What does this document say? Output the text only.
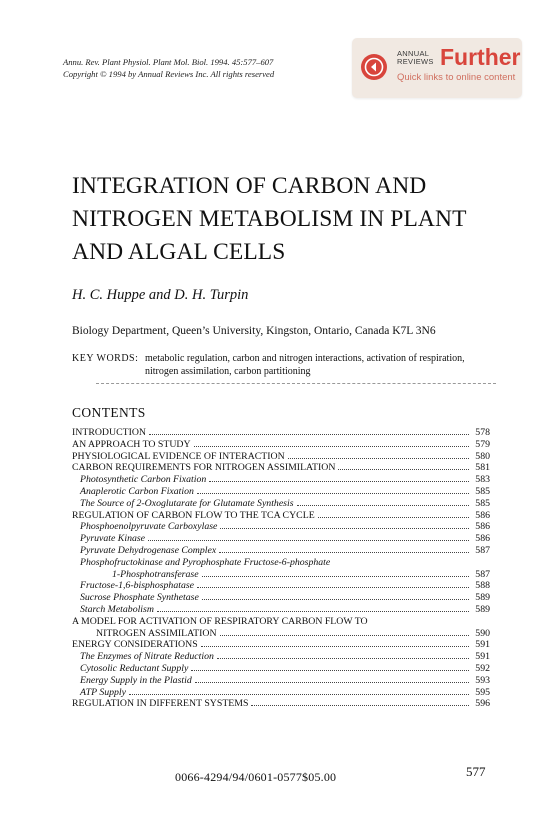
Annu. Rev. Plant Physiol. Plant Mol. Biol. 1994. 45:577–607
Copyright © 1994 by Annual Reviews Inc. All rights reserved
ANNUAL
REVIEWS Further
Quick links to online content
INTEGRATION OF CARBON AND
NITROGEN METABOLISM IN PLANT
AND ALGAL CELLS
H. C. Huppe and D. H. Turpin
Biology Department, Queen’s University, Kingston, Ontario, Canada K7L 3N6
KEY WORDS: metabolic regulation, carbon and nitrogen interactions, activation of respiration,
nitrogen assimilation, carbon partitioning
CONTENTS
INTRODUCTION	578
AN APPROACH TO STUDY	579
PHYSIOLOGICAL EVIDENCE OF INTERACTION	580
CARBON REQUIREMENTS FOR NITROGEN ASSIMILATION	581
Photosynthetic Carbon Fixation	583
Anaplerotic Carbon Fixation	585
The Source of 2-Oxoglutarate for Glutamate Synthesis	585
REGULATION OF CARBON FLOW TO THE TCA CYCLE	586
Phosphoenolpyruvate Carboxylase	586
Pyruvate Kinase	586
Pyruvate Dehydrogenase Complex	587
Phosphofructokinase and Pyrophosphate Fructose-6-phosphate
1-Phosphotransferase	587
Fructose-1,6-bisphosphatase	588
Sucrose Phosphate Synthetase	589
Starch Metabolism	589
A MODEL FOR ACTIVATION OF RESPIRATORY CARBON FLOW TO
NITROGEN ASSIMILATION	590
ENERGY CONSIDERATIONS	591
The Enzymes of Nitrate Reduction	591
Cytosolic Reductant Supply	592
Energy Supply in the Plastid	593
ATP Supply	595
REGULATION IN DIFFERENT SYSTEMS	596
0066-4294/94/0601-0577$05.00	577
